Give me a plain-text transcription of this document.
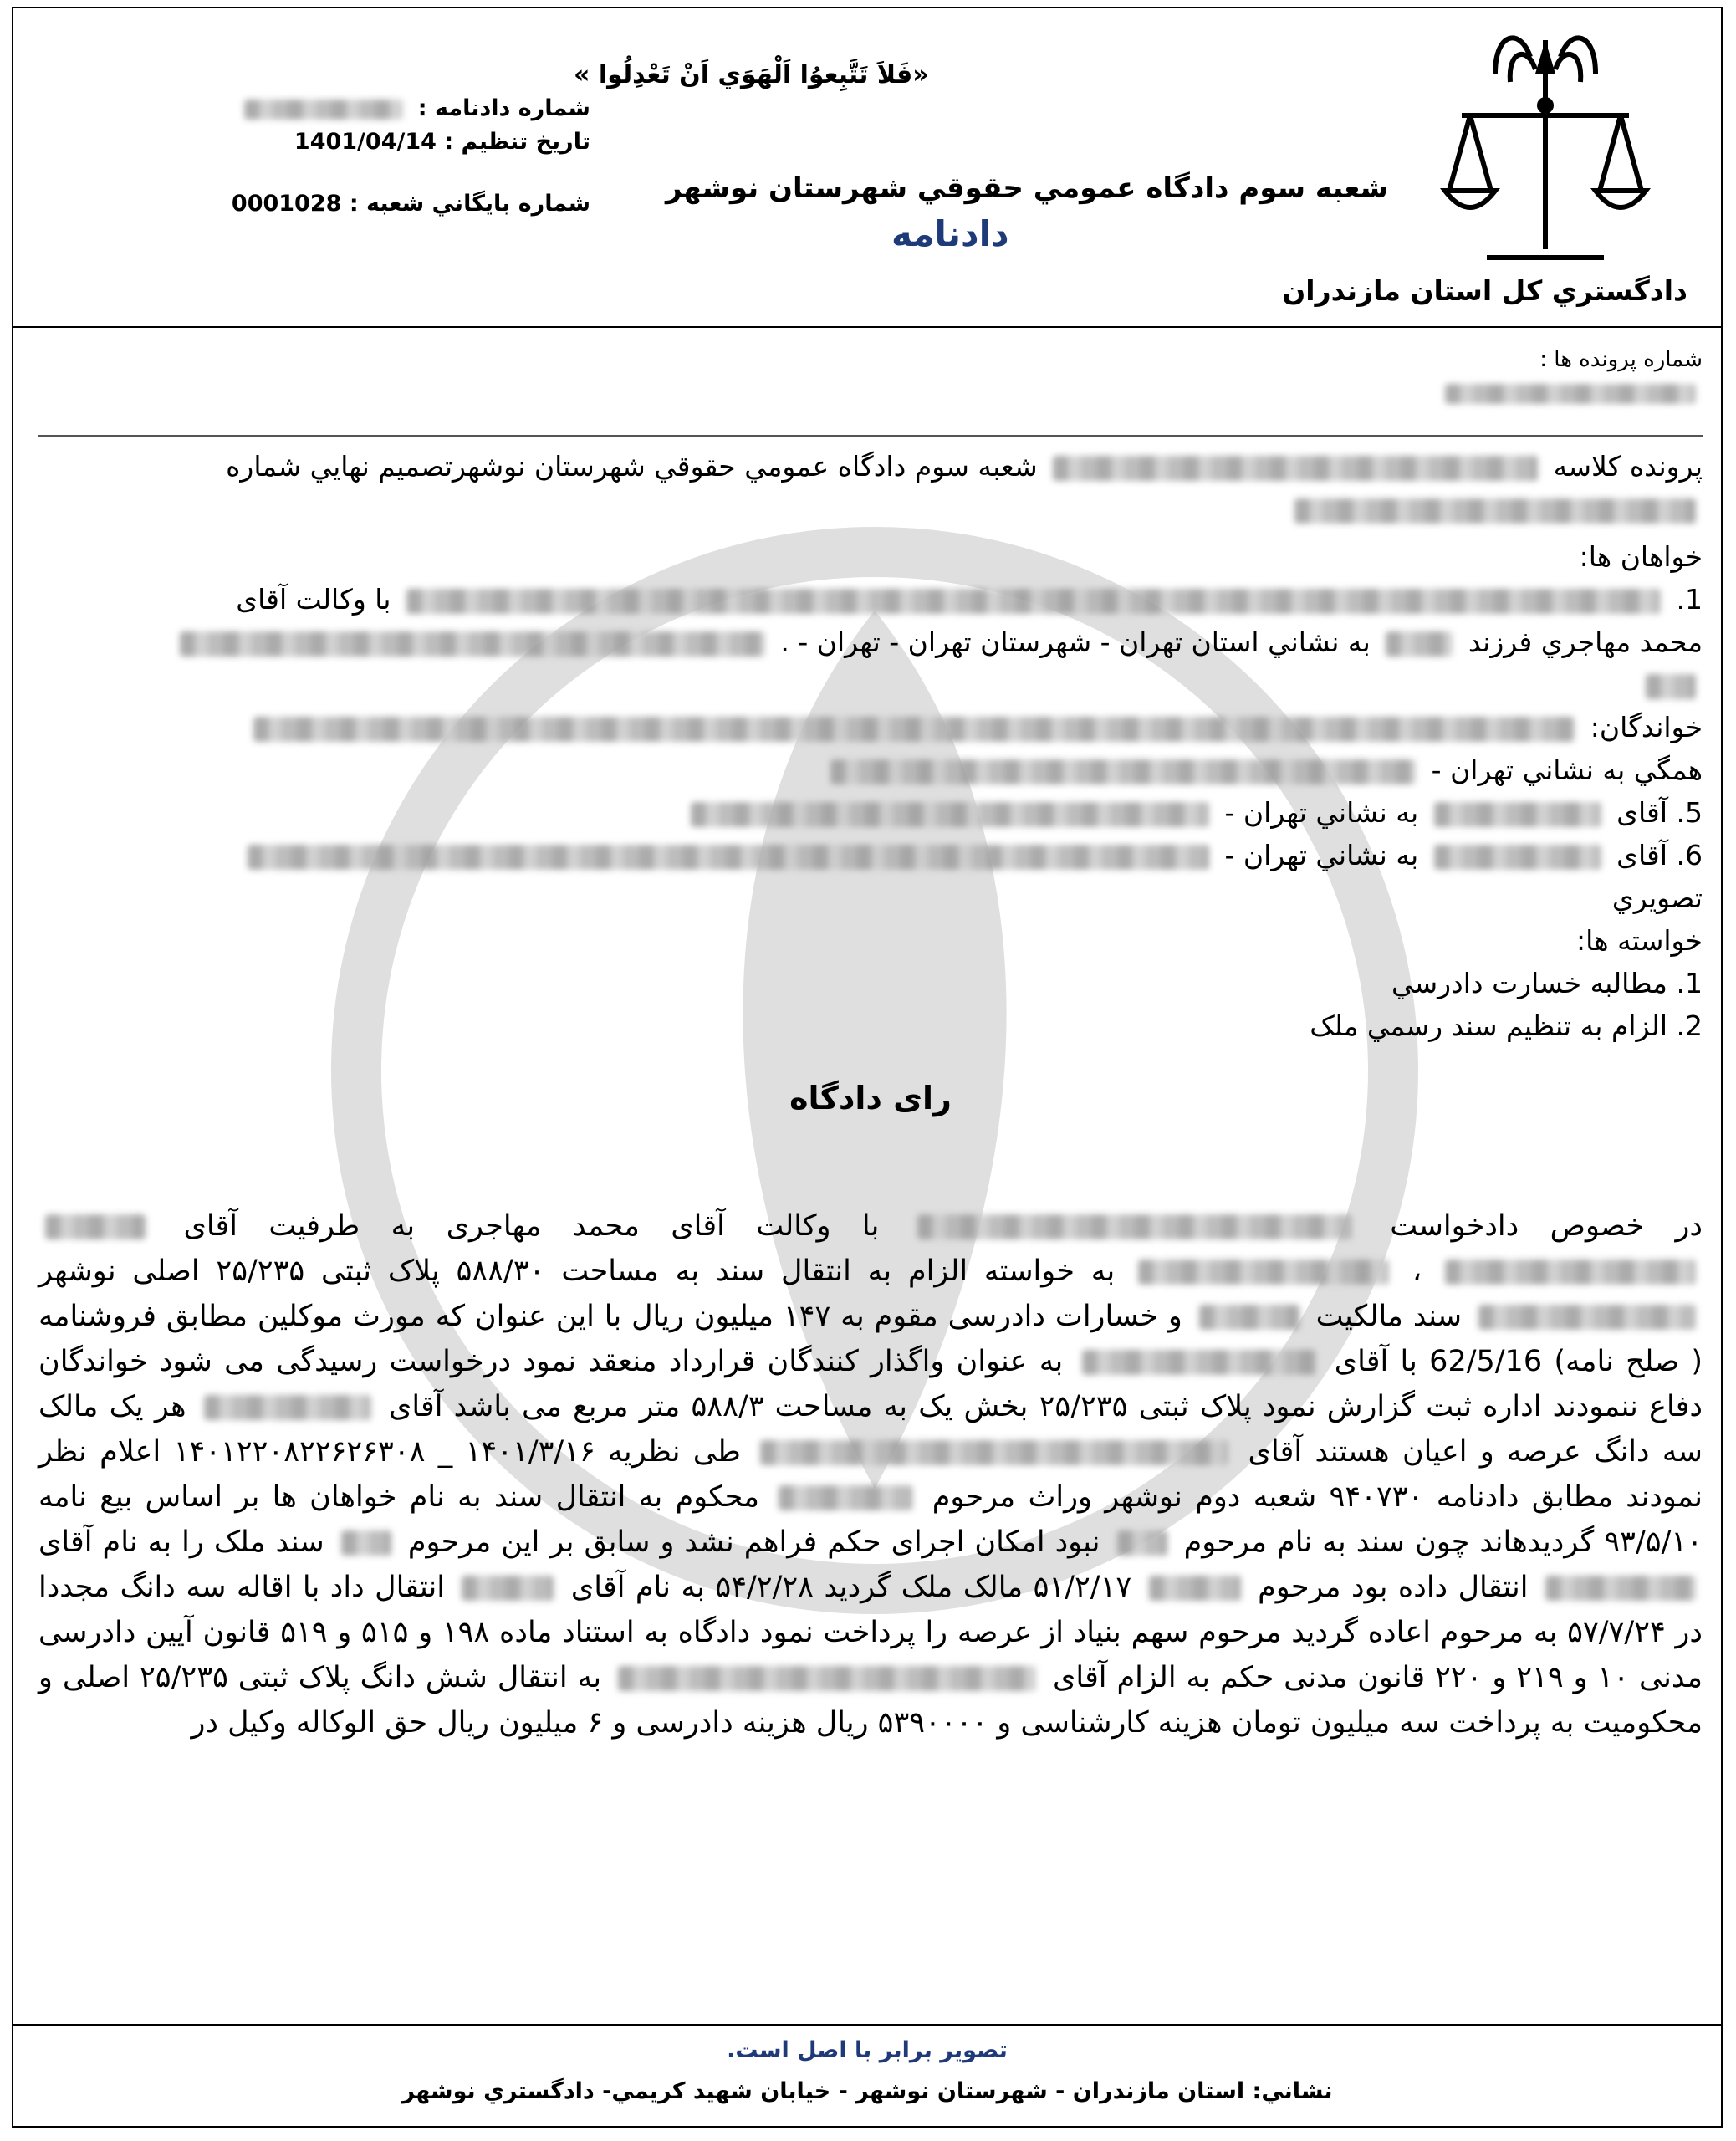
دادگستري کل استان مازندران
«فَلاَ تَتَّبِعوُا اَلْهَوَي اَنْ تَعْدِلُوا »
شعبه سوم دادگاه عمومي حقوقي شهرستان نوشهر
دادنامه
شماره دادنامه :
تاريخ تنظيم : 1401/04/14
شماره بايگاني شعبه : 0001028

شماره پرونده ها :

پرونده کلاسه  شعبه سوم دادگاه عمومي حقوقي شهرستان نوشهرتصميم نهايي شماره

خواهان ها:

1.  با وکالت آقای

محمد مهاجري فرزند  به نشاني استان تهران - شهرستان تهران - تهران - .

خواندگان:

همگي به نشاني تهران -

5. آقای  به نشاني تهران -

6. آقای  به نشاني تهران -

تصويري

خواسته ها:

1. مطالبه خسارت دادرسي

2. الزام به تنظيم سند رسمي ملک

رای دادگاه
در خصوص دادخواست  با وکالت آقای محمد مهاجری به طرفیت آقای   ،  به خواسته الزام به انتقال سند به مساحت ۵۸۸/۳۰ پلاک ثبتی ۲۵/۲۳۵ اصلی نوشهر  سند مالکیت  و خسارات دادرسی مقوم به ۱۴۷ میلیون ریال با این عنوان که مورث موکلین مطابق فروشنامه ( صلح نامه) 62/5/16 با آقای  به عنوان واگذار کنندگان قرارداد منعقد نمود درخواست رسیدگی می شود خواندگان دفاع ننمودند اداره ثبت گزارش نمود پلاک ثبتی ۲۵/۲۳۵ بخش یک به مساحت ۵۸۸/۳ متر مربع می باشد آقای  هر یک مالک سه دانگ عرصه و اعیان هستند آقای  طی نظریه ۱۴۰۱/۳/۱۶ _ ۱۴۰۱۲۲۰۸۲۲۶۲۶۳۰۸ اعلام نظر نمودند مطابق دادنامه ۹۴۰۷۳۰ شعبه دوم نوشهر وراث مرحوم  محکوم به انتقال سند به نام خواهان ها بر اساس بیع نامه ۹۳/۵/۱۰ گردیدهاند چون سند به نام مرحوم  نبود امکان اجرای حکم فراهم نشد و سابق بر این مرحوم  سند ملک را به نام آقای  انتقال داده بود مرحوم  ۵۱/۲/۱۷ مالک ملک گردید ۵۴/۲/۲۸ به نام آقای  انتقال داد با اقاله سه دانگ مجددا در ۵۷/۷/۲۴ به مرحوم اعاده گردید مرحوم سهم بنیاد از عرصه را پرداخت نمود دادگاه به استناد ماده ۱۹۸ و ۵۱۵ و ۵۱۹ قانون آیین دادرسی مدنی ۱۰ و ۲۱۹ و ۲۲۰ قانون مدنی حکم به الزام آقای  به انتقال شش دانگ پلاک ثبتی ۲۵/۲۳۵ اصلی و محکومیت به پرداخت سه میلیون تومان هزینه کارشناسی و ۵۳۹۰۰۰۰ ریال هزینه دادرسی و ۶ میلیون ریال حق الوکاله وکیل در
تصوير برابر با اصل است.
نشاني: استان مازندران - شهرستان نوشهر - خيابان شهيد کريمي- دادگستري نوشهر
